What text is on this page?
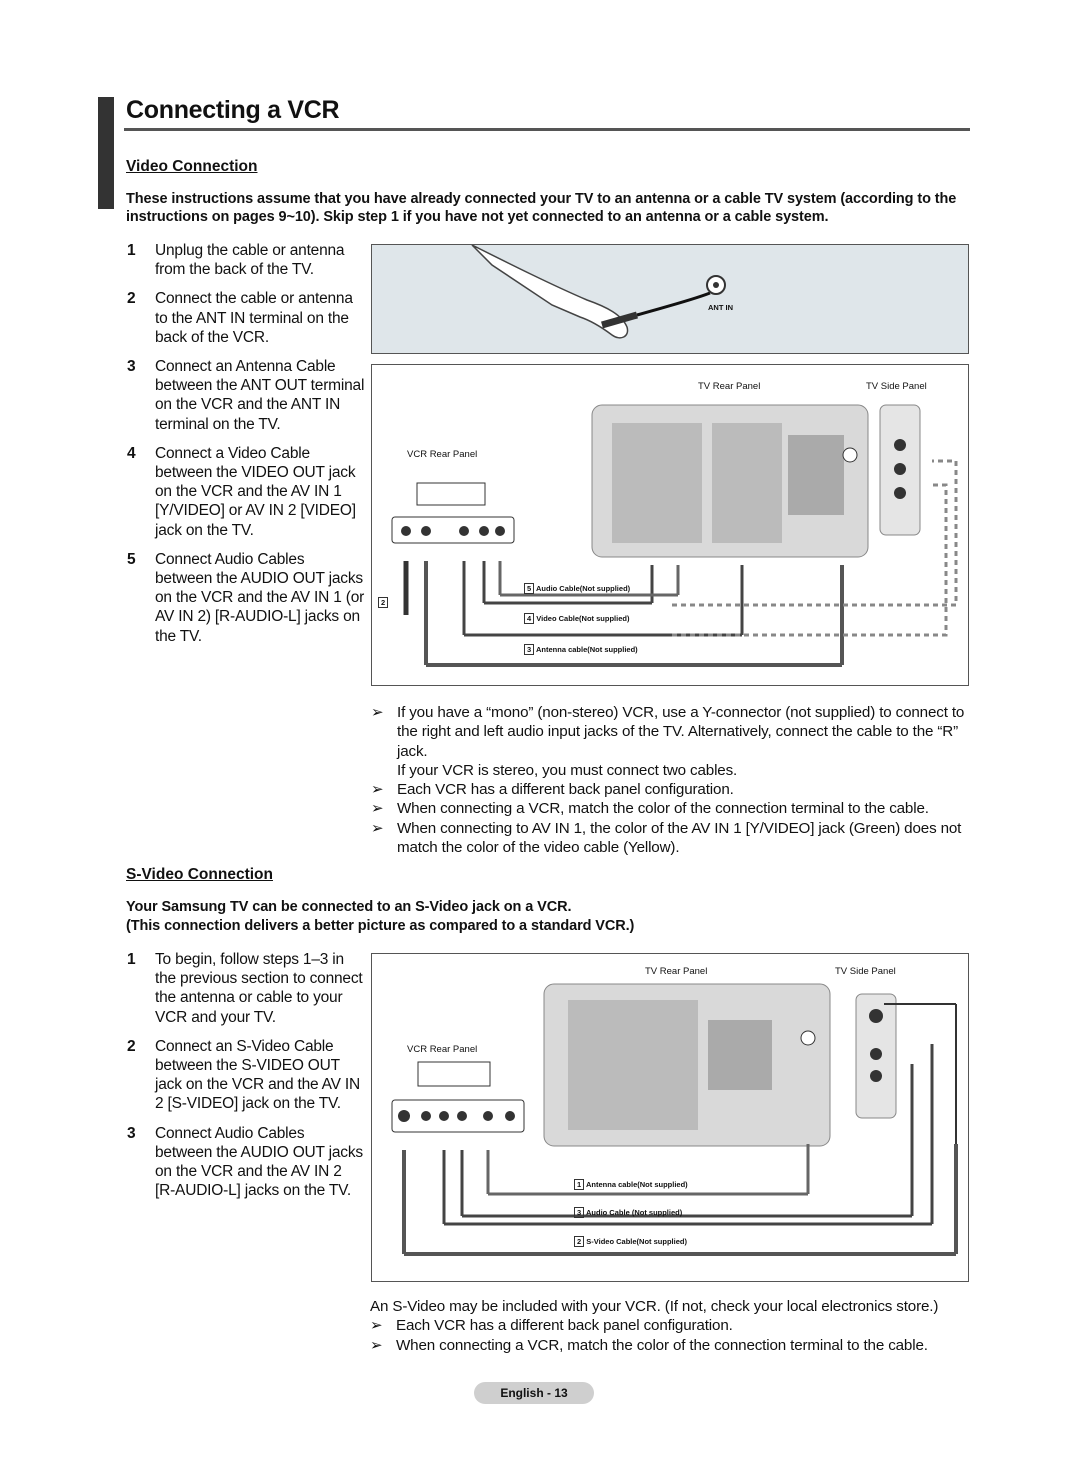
Connecting a VCR
Video Connection
These instructions assume that you have already connected your TV to an antenna or a cable TV system (according to the instructions on pages 9~10). Skip step 1 if you have not yet connected to an antenna or a cable system.
1	Unplug the cable or antenna from the back of the TV.
2	Connect the cable or antenna to the ANT IN terminal on the back of the VCR.
3	Connect an Antenna Cable between the ANT OUT terminal on the VCR and the ANT IN terminal on the TV.
4	Connect a Video Cable between the VIDEO OUT jack on the VCR and the AV IN 1 [Y/VIDEO] or AV IN 2 [VIDEO] jack on the TV.
5	Connect Audio Cables between the AUDIO OUT jacks on the VCR and the AV IN 1 (or AV IN 2) [R-AUDIO-L] jacks on the TV.
ANT IN
TV Rear Panel	TV Side Panel
VCR Rear Panel
5 Audio Cable(Not supplied)
4 Video Cable(Not supplied)
3 Antenna cable(Not supplied)
2
➢ If you have a “mono” (non-stereo) VCR, use a Y-connector (not supplied) to connect to the right and left audio input jacks of the TV. Alternatively, connect the cable to the “R” jack.
If your VCR is stereo, you must connect two cables.
➢ Each VCR has a different back panel configuration.
➢ When connecting a VCR, match the color of the connection terminal to the cable.
➢ When connecting to AV IN 1, the color of the AV IN 1 [Y/VIDEO] jack (Green) does not match the color of the video cable (Yellow).
S-Video Connection
Your Samsung TV can be connected to an S-Video jack on a VCR.
(This connection delivers a better picture as compared to a standard VCR.)
1	To begin, follow steps 1–3 in the previous section to connect the antenna or cable to your VCR and your TV.
2	Connect an S-Video Cable between the S-VIDEO OUT jack on the VCR and the AV IN 2 [S-VIDEO] jack on the TV.
3	Connect Audio Cables between the AUDIO OUT jacks on the VCR and the AV IN 2 [R-AUDIO-L] jacks on the TV.
TV Rear Panel	TV Side Panel
VCR Rear Panel
1 Antenna cable(Not supplied)
3 Audio Cable (Not supplied)
2 S-Video Cable(Not supplied)
An S-Video may be included with your VCR. (If not, check your local electronics store.)
➢ Each VCR has a different back panel configuration.
➢ When connecting a VCR, match the color of the connection terminal to the cable.
English - 13
